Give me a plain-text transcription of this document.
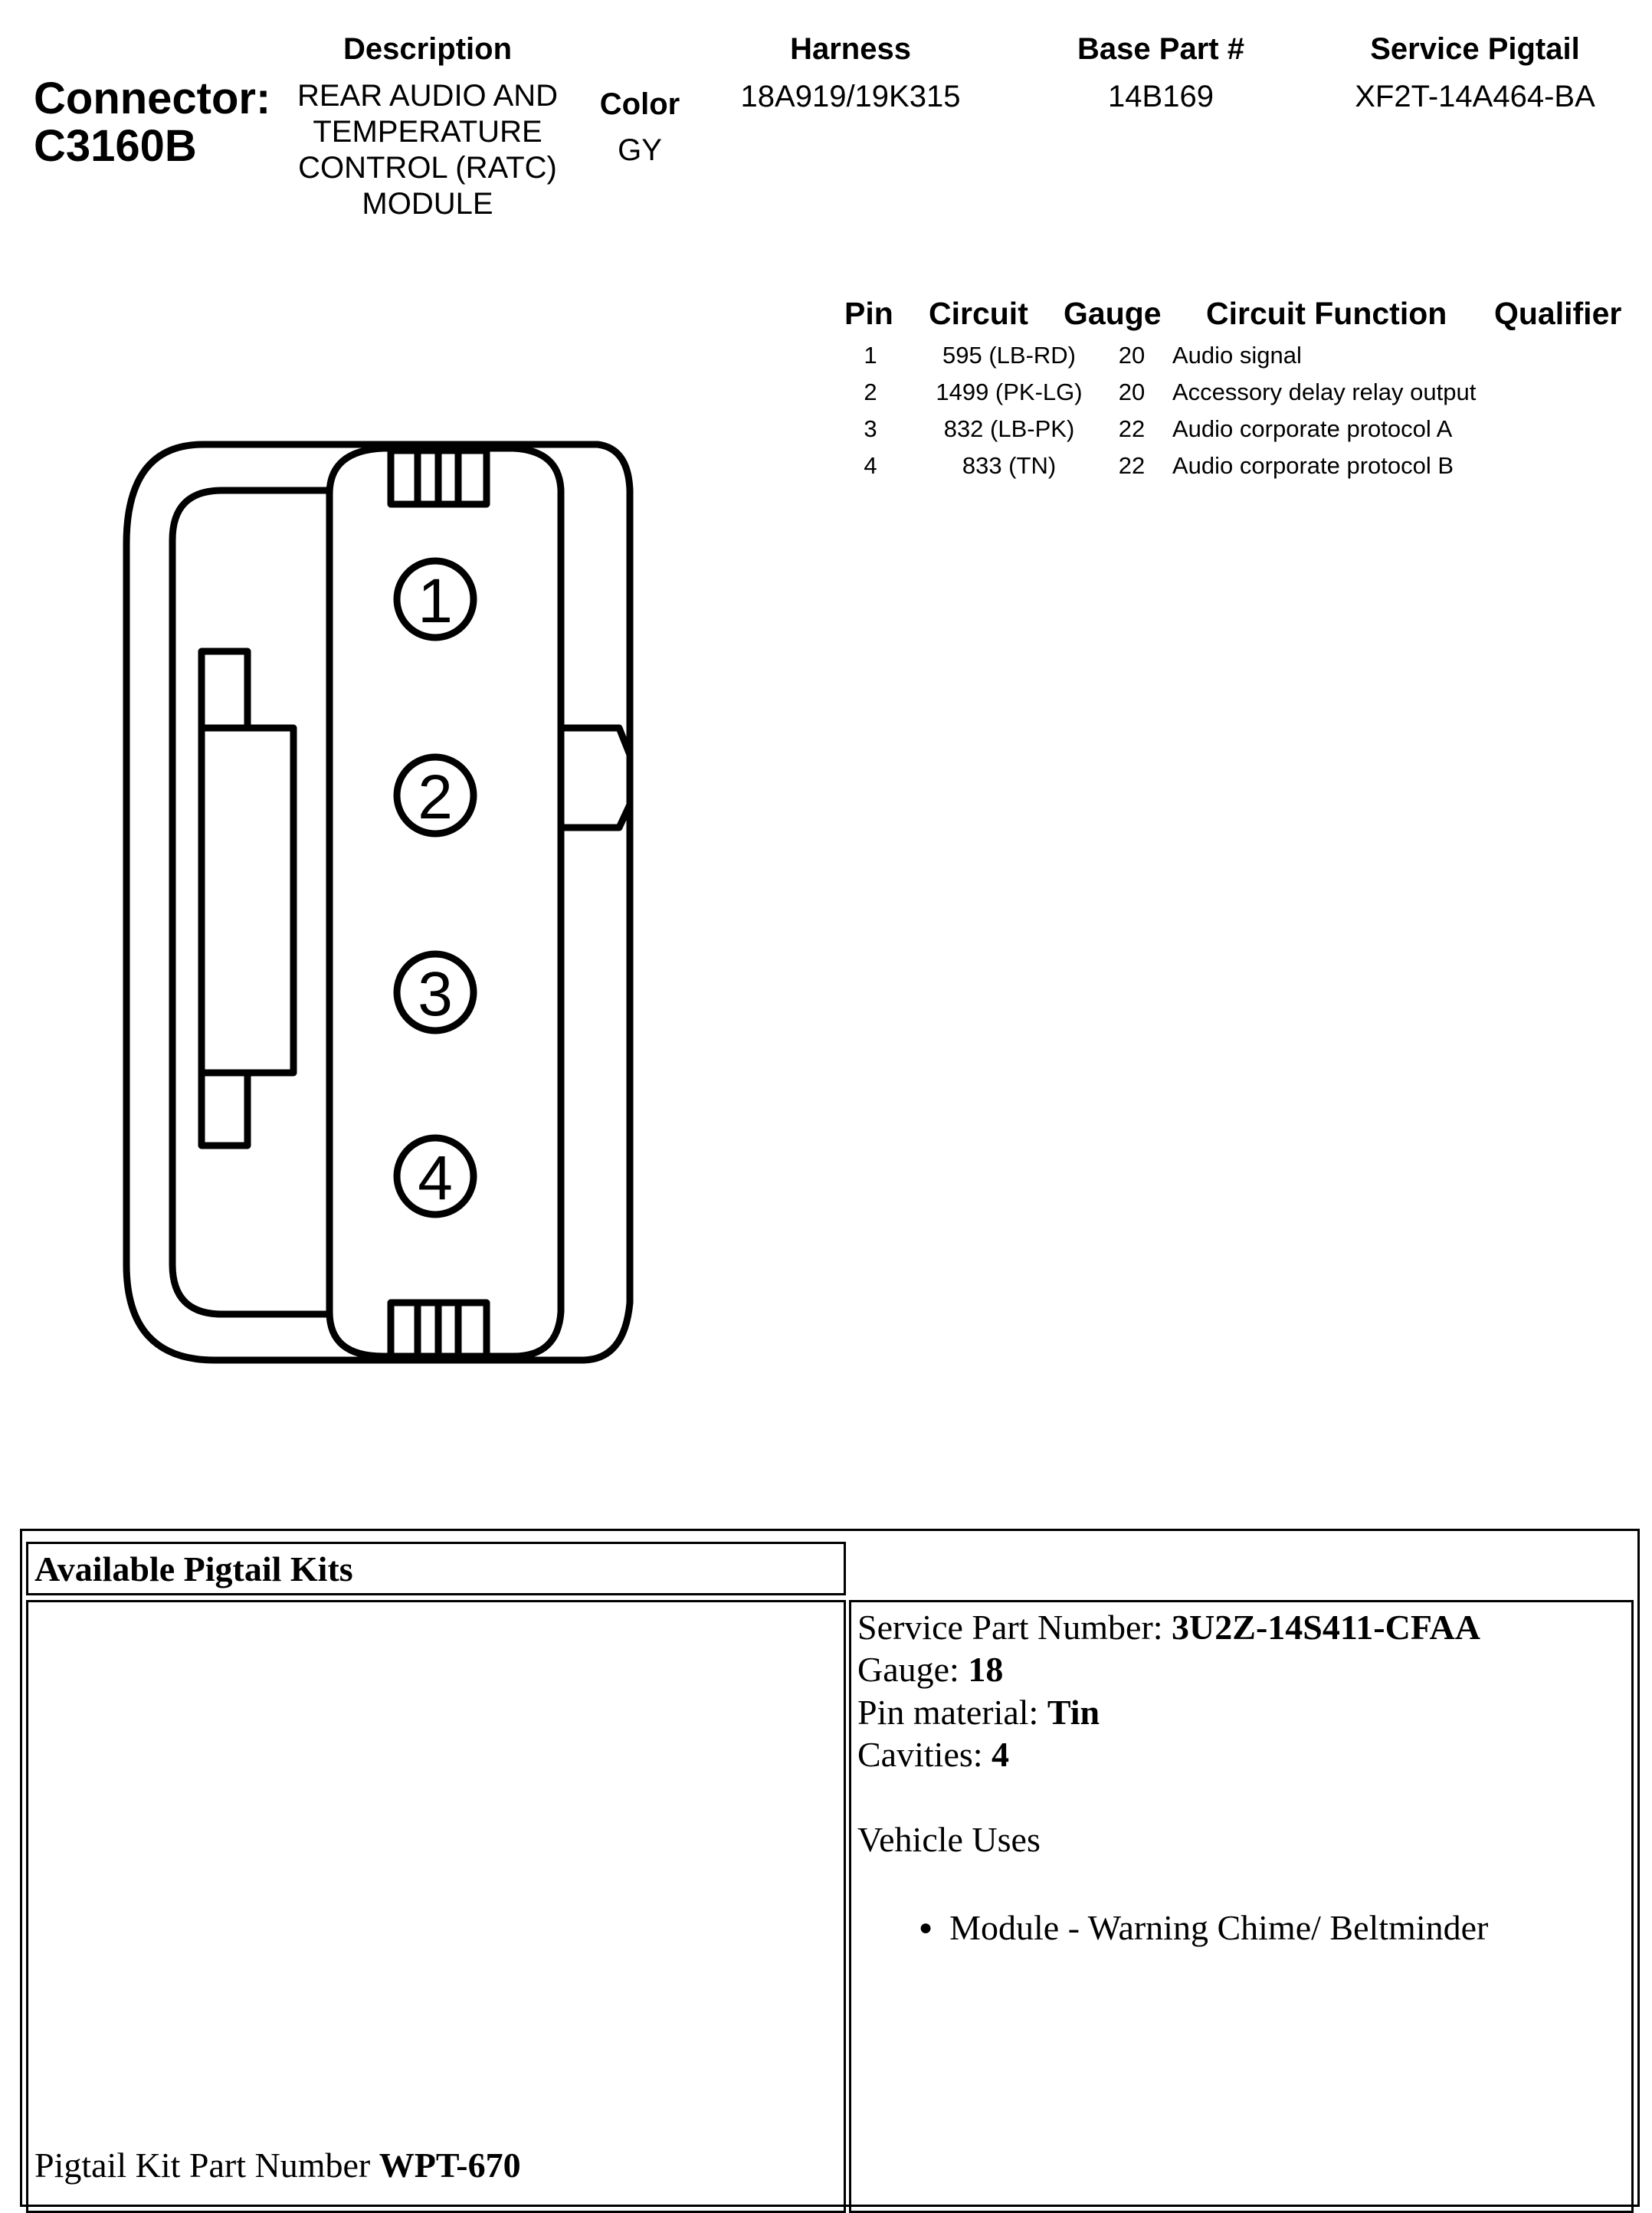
Connector:
C3160B
Description
REAR AUDIO AND
TEMPERATURE
CONTROL (RATC)
MODULE
Color
GY
Harness
18A919/19K315
Base Part #
14B169
Service Pigtail
XF2T-14A464-BA
Pin Circuit Gauge Circuit Function Qualifier
1	595 (LB-RD)	20	Audio signal
2	1499 (PK-LG)	20	Accessory delay relay output
3	832 (LB-PK)	22	Audio corporate protocol A
4	833 (TN)	22	Audio corporate protocol B
1
2
3
4
Available Pigtail Kits
Pigtail Kit Part Number WPT-670
Service Part Number: 3U2Z-14S411-CFAA
Gauge: 18
Pin material: Tin
Cavities: 4
Vehicle Uses
● Module - Warning Chime/ Beltminder
